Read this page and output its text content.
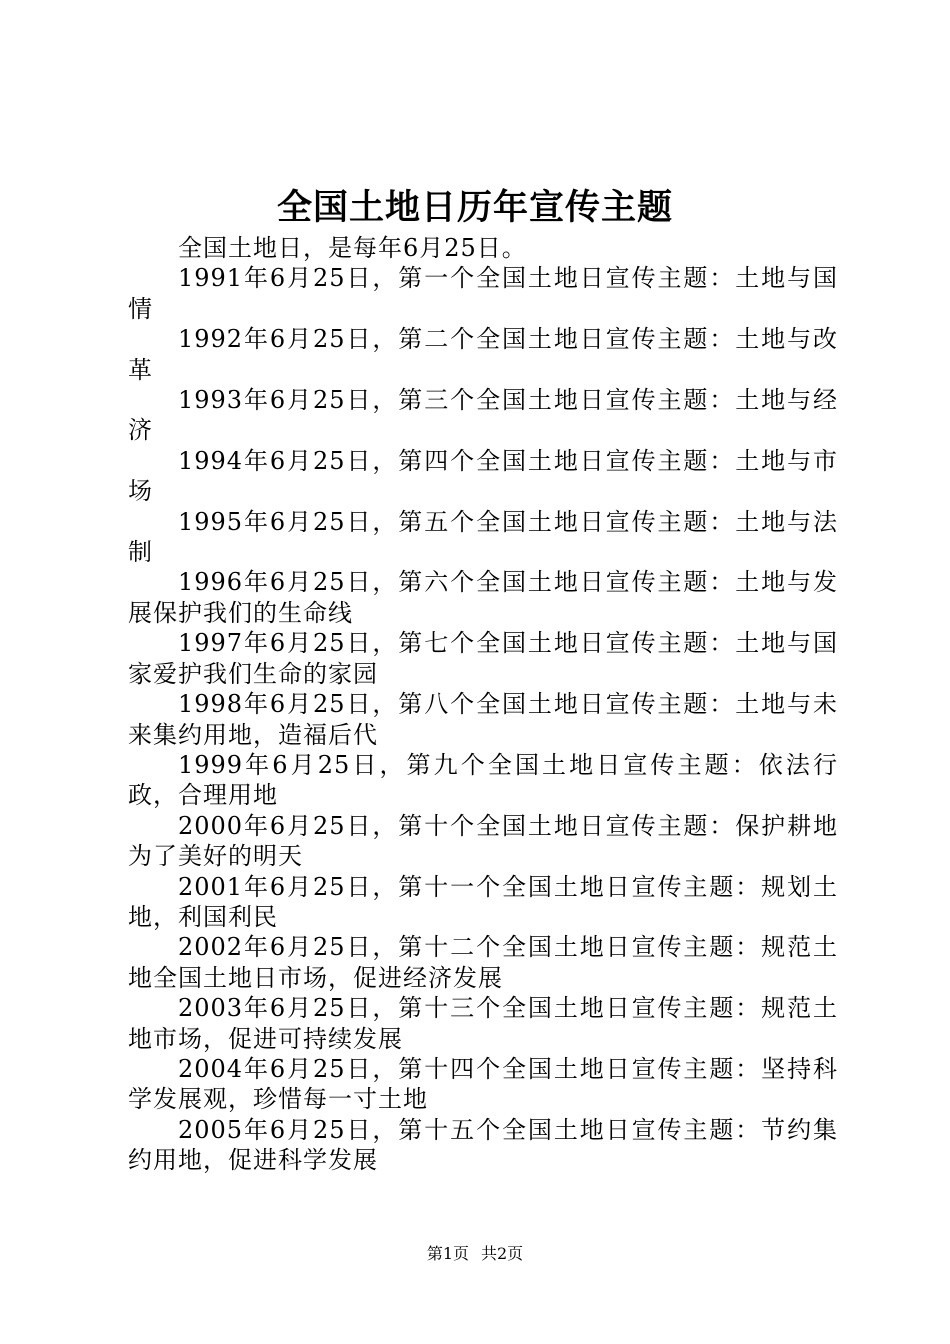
全国土地日历年宣传主题

全国土地日，是每年6月25日。

1991年6月25日，第一个全国土地日宣传主题：土地与国情

1992年6月25日，第二个全国土地日宣传主题：土地与改革

1993年6月25日，第三个全国土地日宣传主题：土地与经济

1994年6月25日，第四个全国土地日宣传主题：土地与市场

1995年6月25日，第五个全国土地日宣传主题：土地与法制

1996年6月25日，第六个全国土地日宣传主题：土地与发展保护我们的生命线

1997年6月25日，第七个全国土地日宣传主题：土地与国家爱护我们生命的家园

1998年6月25日，第八个全国土地日宣传主题：土地与未来集约用地，造福后代

1999年6月25日，第九个全国土地日宣传主题：依法行政，合理用地

2000年6月25日，第十个全国土地日宣传主题：保护耕地为了美好的明天

2001年6月25日，第十一个全国土地日宣传主题：规划土地，利国利民

2002年6月25日，第十二个全国土地日宣传主题：规范土地全国土地日市场，促进经济发展

2003年6月25日，第十三个全国土地日宣传主题：规范土地市场，促进可持续发展

2004年6月25日，第十四个全国土地日宣传主题：坚持科学发展观，珍惜每一寸土地

2005年6月25日，第十五个全国土地日宣传主题：节约集约用地，促进科学发展

第1页 共2页
